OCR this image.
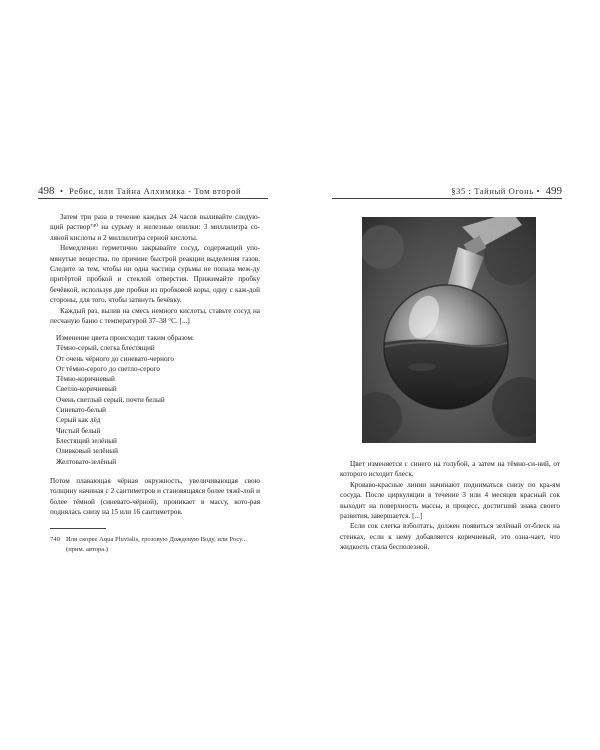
498  •  Ребис, или Тайна Алхимика - Том второй

Затем три раза в течение каждых 24 часов выливайте следую-щий раствор⁷⁴⁰ на сурьму и железные опилки: 3 миллилитра со-ляной кислоты и 2 миллилитра серной кислоты.

Немедленно герметично закрывайте сосуд, содержащий упо-мянутые вещества, по причине быстрой реакции выделения газов. Следите за тем, чтобы ни одна частица сурьмы не попала меж-ду притёртой пробкой и стеклой отверстия. Прижимайте пробку бечёвкой, используя две пробки из пробковой коры, одну с каж-дой стороны, для того, чтобы затянуть бечёвку.

Каждый раз, вылив на смесь немного кислоты, ставьте сосуд на песчаную баню с температурой 37–38 °C. [...]

Изменение цвета происходит таким образом:
Тёмно-серый, слегка блестящий
От очень чёрного до синевато-черного
От тёмно-серого до светло-серого
Тёмно-коричневый
Светло-коричневый
Очень светлый серый, почти белый
Синевато-белый
Серый как лёд
Чистый белый
Блестящий зелёный
Оливковый зелёный
Желтовато-зелёный

Потом плавающая чёрная окружность, увеличивающая свою толщину начиная с 2 сантиметров и становящаяся более тяжё-лой и более тёмной (синевато-чёрной), проникает в массу, кото-рая поднялась снизу на 15 или 16 сантиметров.

740 Или скорее Aqua Pluvialis, грозовую Дождевую Воду, или Росу...
(прим. автора.)
§35 : Тайный Огонь • 499

Цвет изменяется с синего на голубой, а затем на тёмно-си-ний, от которого исходит блеск.

Кроваво-красные линии начинают подниматься снизу по кра-ям сосуда. После циркуляции в течение 3 или 4 месяцев красный сок выходит на поверхность массы, и процесс, достигший знака своего развития, завершается. [...]

Если сок слегка взболтать, должен появиться зелёный от-блеск на стенках, если к нему добавляется коричневый, это озна-чает, что жидкость стала бесполезной.
